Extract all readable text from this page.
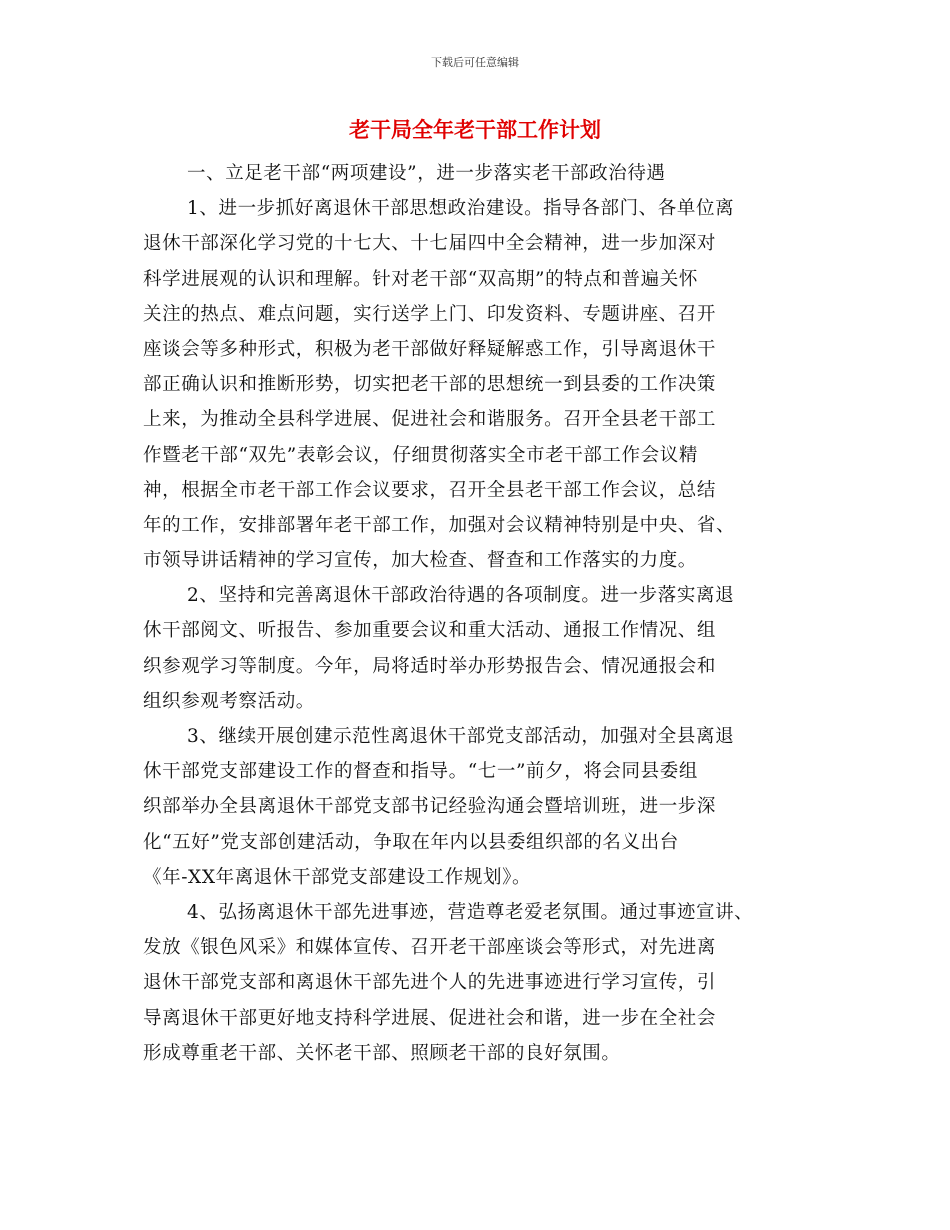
下载后可任意编辑
老干局全年老干部工作计划
一、立足老干部“两项建设”，进一步落实老干部政治待遇
1、进一步抓好离退休干部思想政治建设。指导各部门、各单位离
退休干部深化学习党的十七大、十七届四中全会精神，进一步加深对
科学进展观的认识和理解。针对老干部“双高期”的特点和普遍关怀
关注的热点、难点问题，实行送学上门、印发资料、专题讲座、召开
座谈会等多种形式，积极为老干部做好释疑解惑工作，引导离退休干
部正确认识和推断形势，切实把老干部的思想统一到县委的工作决策
上来，为推动全县科学进展、促进社会和谐服务。召开全县老干部工
作暨老干部“双先”表彰会议，仔细贯彻落实全市老干部工作会议精
神，根据全市老干部工作会议要求，召开全县老干部工作会议，总结
年的工作，安排部署年老干部工作，加强对会议精神特别是中央、省、
市领导讲话精神的学习宣传，加大检查、督查和工作落实的力度。
2、坚持和完善离退休干部政治待遇的各项制度。进一步落实离退
休干部阅文、听报告、参加重要会议和重大活动、通报工作情况、组
织参观学习等制度。今年，局将适时举办形势报告会、情况通报会和
组织参观考察活动。
3、继续开展创建示范性离退休干部党支部活动，加强对全县离退
休干部党支部建设工作的督查和指导。“七一”前夕，将会同县委组
织部举办全县离退休干部党支部书记经验沟通会暨培训班，进一步深
化“五好”党支部创建活动，争取在年内以县委组织部的名义出台
《年-XX年离退休干部党支部建设工作规划》。
4、弘扬离退休干部先进事迹，营造尊老爱老氛围。通过事迹宣讲、
发放《银色风采》和媒体宣传、召开老干部座谈会等形式，对先进离
退休干部党支部和离退休干部先进个人的先进事迹进行学习宣传，引
导离退休干部更好地支持科学进展、促进社会和谐，进一步在全社会
形成尊重老干部、关怀老干部、照顾老干部的良好氛围。
